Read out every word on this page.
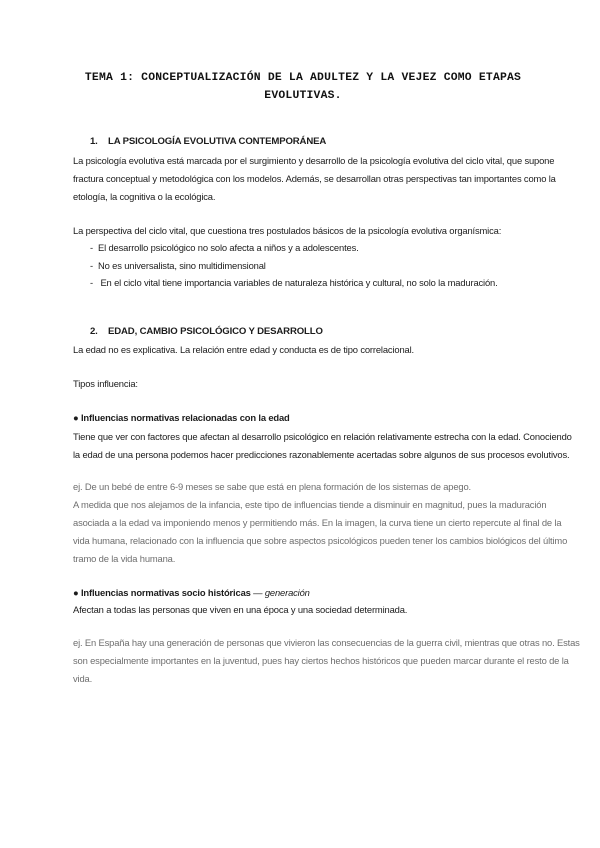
TEMA 1: CONCEPTUALIZACIÓN DE LA ADULTEZ Y LA VEJEZ COMO ETAPAS
EVOLUTIVAS.

1. LA PSICOLOGÍA EVOLUTIVA CONTEMPORÁNEA

La psicología evolutiva está marcada por el surgimiento y desarrollo de la psicología evolutiva del ciclo vital, que supone

fractura conceptual y metodológica con los modelos. Además, se desarrollan otras perspectivas tan importantes como la

etología, la cognitiva o la ecológica.

La perspectiva del ciclo vital, que cuestiona tres postulados básicos de la psicología evolutiva organísmica:

- El desarrollo psicológico no solo afecta a niños y a adolescentes.

- No es universalista, sino multidimensional

- En el ciclo vital tiene importancia variables de naturaleza histórica y cultural, no solo la maduración.

2. EDAD, CAMBIO PSICOLÓGICO Y DESARROLLO

La edad no es explicativa. La relación entre edad y conducta es de tipo correlacional.

Tipos influencia:

● Influencias normativas relacionadas con la edad

Tiene que ver con factores que afectan al desarrollo psicológico en relación relativamente estrecha con la edad. Conociendo

la edad de una persona podemos hacer predicciones razonablemente acertadas sobre algunos de sus procesos evolutivos.

ej. De un bebé de entre 6-9 meses se sabe que está en plena formación de los sistemas de apego.

A medida que nos alejamos de la infancia, este tipo de influencias tiende a disminuir en magnitud, pues la maduración

asociada a la edad va imponiendo menos y permitiendo más. En la imagen, la curva tiene un cierto repercute al final de la

vida humana, relacionado con la influencia que sobre aspectos psicológicos pueden tener los cambios biológicos del último

tramo de la vida humana.

● Influencias normativas socio históricas — generación

Afectan a todas las personas que viven en una época y una sociedad determinada.

ej. En España hay una generación de personas que vivieron las consecuencias de la guerra civil, mientras que otras no. Estas

son especialmente importantes en la juventud, pues hay ciertos hechos históricos que pueden marcar durante el resto de la

vida.
